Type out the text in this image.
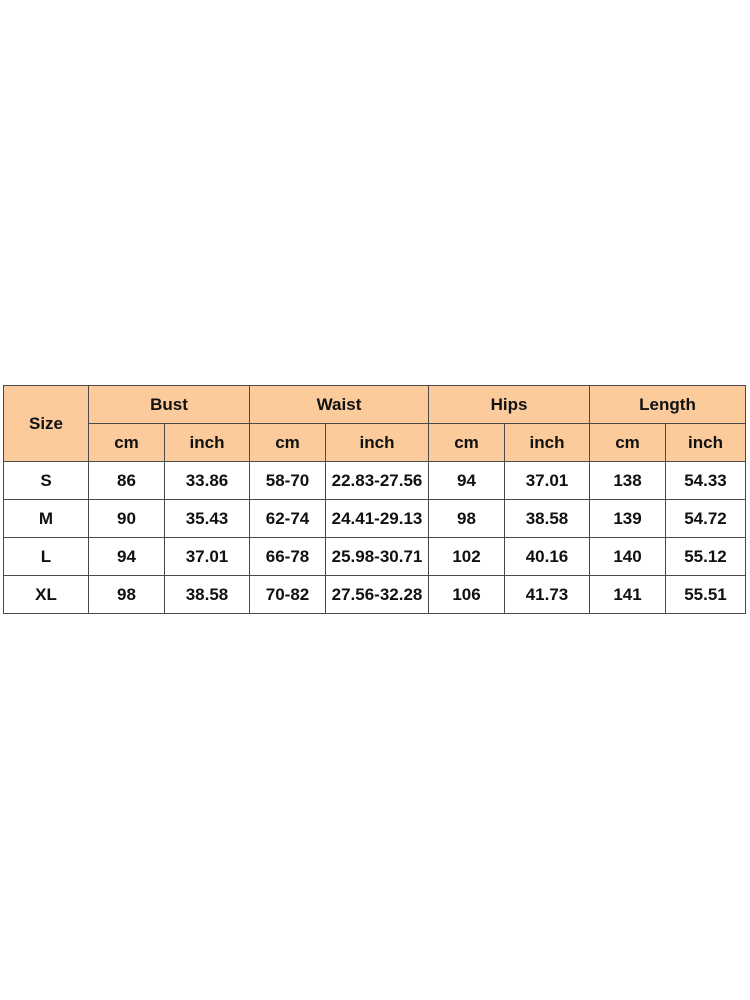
Size	Bust		Waist		Hips		Length	
	cm	inch	cm	inch	cm	inch	cm	inch
S	86	33.86	58-70	22.83-27.56	94	37.01	138	54.33
M	90	35.43	62-74	24.41-29.13	98	38.58	139	54.72
L	94	37.01	66-78	25.98-30.71	102	40.16	140	55.12
XL	98	38.58	70-82	27.56-32.28	106	41.73	141	55.51
